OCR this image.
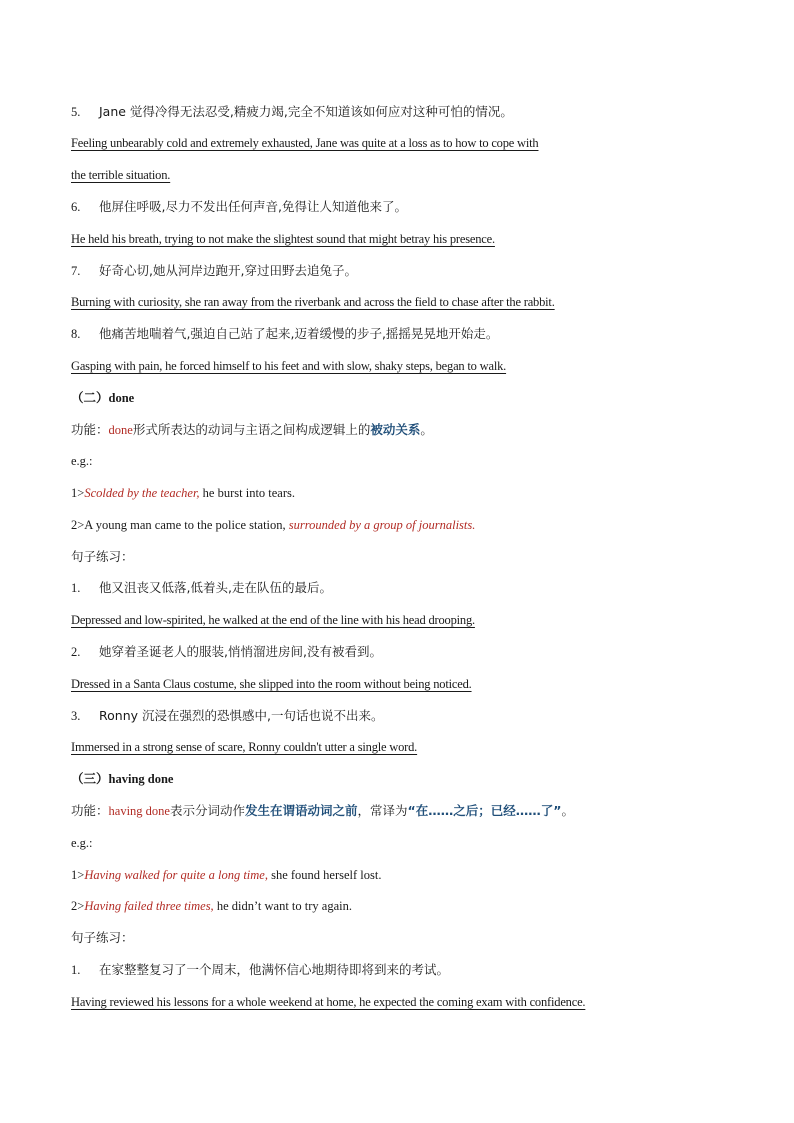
5. Jane 觉得冷得无法忍受,精疲力竭,完全不知道该如何应对这种可怕的情况。
Feeling unbearably cold and extremely exhausted, Jane was quite at a loss as to how to cope with
the terrible situation.
6. 他屏住呼吸,尽力不发出任何声音,免得让人知道他来了。
He held his breath, trying to not make the slightest sound that might betray his presence.
7. 好奇心切,她从河岸边跑开,穿过田野去追兔子。
Burning with curiosity, she ran away from the riverbank and across the field to chase after the rabbit.
8. 他痛苦地喘着气,强迫自己站了起来,迈着缓慢的步子,摇摇晃晃地开始走。
Gasping with pain, he forced himself to his feet and with slow, shaky steps, began to walk.
（二）done
功能：done形式所表达的动词与主语之间构成逻辑上的被动关系。
e.g.:
1>Scolded by the teacher, he burst into tears.
2>A young man came to the police station, surrounded by a group of journalists.
句子练习：
1. 他又沮丧又低落,低着头,走在队伍的最后。
Depressed and low-spirited, he walked at the end of the line with his head drooping.
2. 她穿着圣诞老人的服装,悄悄溜进房间,没有被看到。
Dressed in a Santa Claus costume, she slipped into the room without being noticed.
3. Ronny 沉浸在强烈的恐惧感中,一句话也说不出来。
Immersed in a strong sense of scare, Ronny couldn't utter a single word.
（三）having done
功能：having done表示分词动作发生在谓语动词之前，常译为“在……之后；已经……了”。
e.g.:
1>Having walked for quite a long time, she found herself lost.
2>Having failed three times, he didn’t want to try again.
句子练习：
1. 在家整整复习了一个周末，他满怀信心地期待即将到来的考试。
Having reviewed his lessons for a whole weekend at home, he expected the coming exam with confidence.
